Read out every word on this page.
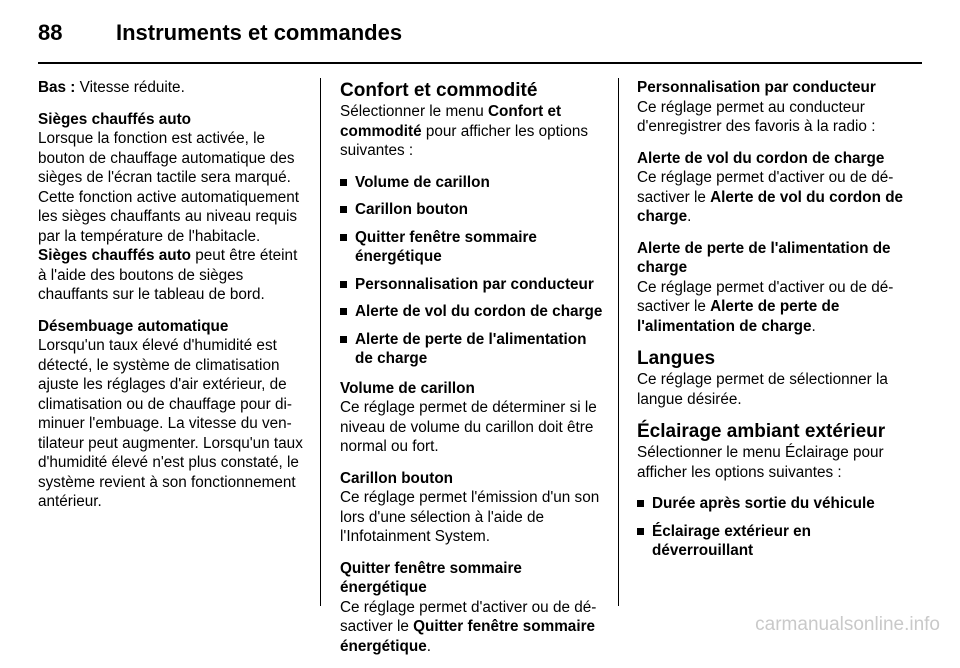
88 Instruments et commandes

Bas : Vitesse réduite.

Sièges chauffés auto
Lorsque la fonction est activée, le bouton de chauffage automatique des sièges de l'écran tactile sera marqué. Cette fonction active automatiquement les sièges chauffants au niveau requis par la température de l'habitacle. Sièges chauffés auto peut être éteint à l'aide des boutons de sièges chauffants sur le tableau de bord.

Désembuage automatique
Lorsqu'un taux élevé d'humidité est détecté, le système de climatisation ajuste les réglages d'air extérieur, de climatisation ou de chauffage pour diminuer l'embuage. La vitesse du ventilateur peut augmenter. Lorsqu'un taux d'humidité élevé n'est plus constaté, le système revient à son fonctionnement antérieur.

Confort et commodité

Sélectionner le menu Confort et commodité pour afficher les options suivantes :

Volume de carillon
Carillon bouton
Quitter fenêtre sommaire énergétique
Personnalisation par conducteur
Alerte de vol du cordon de charge
Alerte de perte de l'alimentation de charge

Volume de carillon
Ce réglage permet de déterminer si le niveau de volume du carillon doit être normal ou fort.

Carillon bouton
Ce réglage permet l'émission d'un son lors d'une sélection à l'aide de l'Infotainment System.

Quitter fenêtre sommaire énergétique
Ce réglage permet d'activer ou de désactiver le Quitter fenêtre sommaire énergétique.

Personnalisation par conducteur
Ce réglage permet au conducteur d'enregistrer des favoris à la radio :

Alerte de vol du cordon de charge
Ce réglage permet d'activer ou de désactiver le Alerte de vol du cordon de charge.

Alerte de perte de l'alimentation de charge
Ce réglage permet d'activer ou de désactiver le Alerte de perte de l'alimentation de charge.

Langues
Ce réglage permet de sélectionner la langue désirée.

Éclairage ambiant extérieur

Sélectionner le menu Éclairage pour afficher les options suivantes :

Durée après sortie du véhicule
Éclairage extérieur en déverrouillant
carmanualsonline.info
